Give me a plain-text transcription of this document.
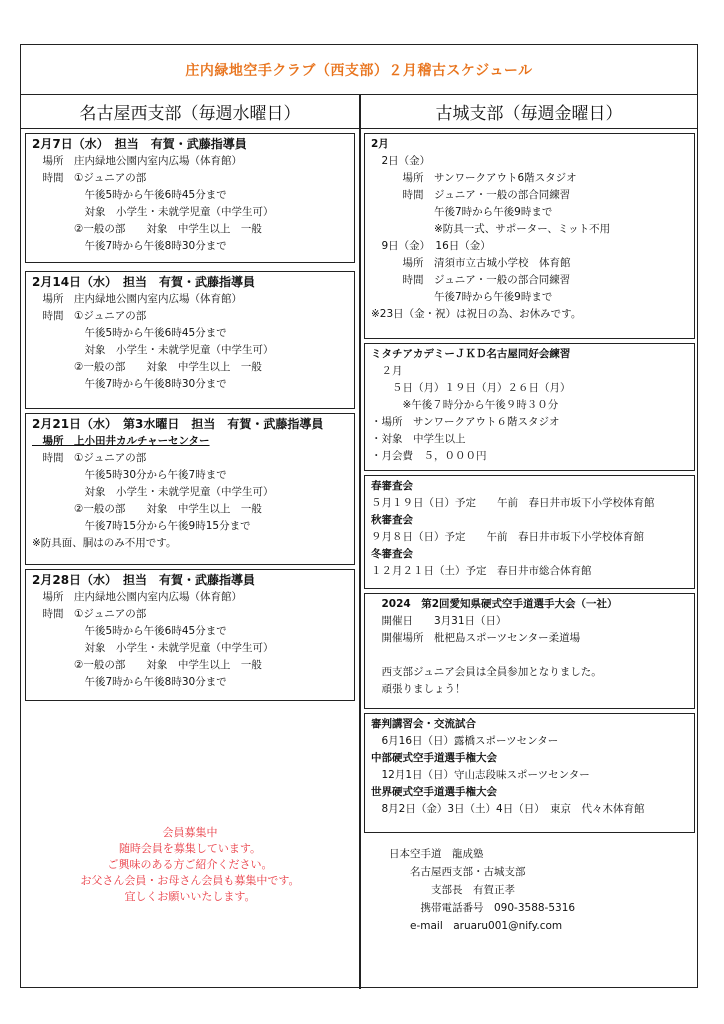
庄内緑地空手クラブ（西支部）２月稽古スケジュール
名古屋西支部（毎週水曜日）	古城支部（毎週金曜日）
2月7日（水）　担当　有賀・武藤指導員
　場所　庄内緑地公園内室内広場（体育館）
　時間　①ジュニアの部
　　　　　午後5時から午後6時45分まで
　　　　　対象　小学生・未就学児童（中学生可）
　　　　②一般の部　　対象　中学生以上　一般
　　　　　午後7時から午後8時30分まで
2月14日（水）　担当　有賀・武藤指導員
　場所　庄内緑地公園内室内広場（体育館）
　時間　①ジュニアの部
　　　　　午後5時から午後6時45分まで
　　　　　対象　小学生・未就学児童（中学生可）
　　　　②一般の部　　対象　中学生以上　一般
　　　　　午後7時から午後8時30分まで
2月21日（水）　第3水曜日　担当　有賀・武藤指導員
　場所　上小田井カルチャーセンター
　時間　①ジュニアの部
　　　　　午後5時30分から午後7時まで
　　　　　対象　小学生・未就学児童（中学生可）
　　　　②一般の部　　対象　中学生以上　一般
　　　　　午後7時15分から午後9時15分まで
※防具面、胴はのみ不用です。
2月28日（水）　担当　有賀・武藤指導員
　場所　庄内緑地公園内室内広場（体育館）
　時間　①ジュニアの部
　　　　　午後5時から午後6時45分まで
　　　　　対象　小学生・未就学児童（中学生可）
　　　　②一般の部　　対象　中学生以上　一般
　　　　　午後7時から午後8時30分まで
2月
　2日（金）
　　　場所　サンワークアウト6階スタジオ
　　　時間　ジュニア・一般の部合同練習
　　　　　　午後7時から午後9時まで
　　　　　　※防具一式、サポーター、ミット不用
　9日（金）　16日（金）
　　　場所　清須市立古城小学校　体育館
　　　時間　ジュニア・一般の部合同練習
　　　　　　午後7時から午後9時まで
※23日（金・祝）は祝日の為、お休みです。
ミタチアカデミーＪＫＤ名古屋同好会練習
　２月
　　５日（月）１９日（月）２６日（月）
　　　※午後７時分から午後９時３０分
・場所　サンワークアウト６階スタジオ
・対象　中学生以上
・月会費　５，０００円
春審査会
５月１９日（日）予定　　午前　春日井市坂下小学校体育館
秋審査会
９月８日（日）予定　　午前　春日井市坂下小学校体育館
冬審査会
１２月２１日（土）予定　春日井市総合体育館
　2024　第2回愛知県硬式空手道選手大会（一社）
　開催日　　3月31日（日）
　開催場所　枇杷島スポーツセンター柔道場

　西支部ジュニア会員は全員参加となりました。
　頑張りましょう！
審判講習会・交流試合
　6月16日（日）露橋スポーツセンター
中部硬式空手道選手権大会
　12月1日（日）守山志段味スポーツセンター
世界硬式空手道選手権大会
　8月2日（金）3日（土）4日（日）　東京　代々木体育館
会員募集中
随時会員を募集しています。
ご興味のある方ご紹介ください。
お父さん会員・お母さん会員も募集中です。
宜しくお願いいたします。
日本空手道　龍成塾
　　名古屋西支部・古城支部
　　　　支部長　有賀正孝
　　　携帯電話番号　090-3588-5316
　　e-mail　aruaru001@nify.com
